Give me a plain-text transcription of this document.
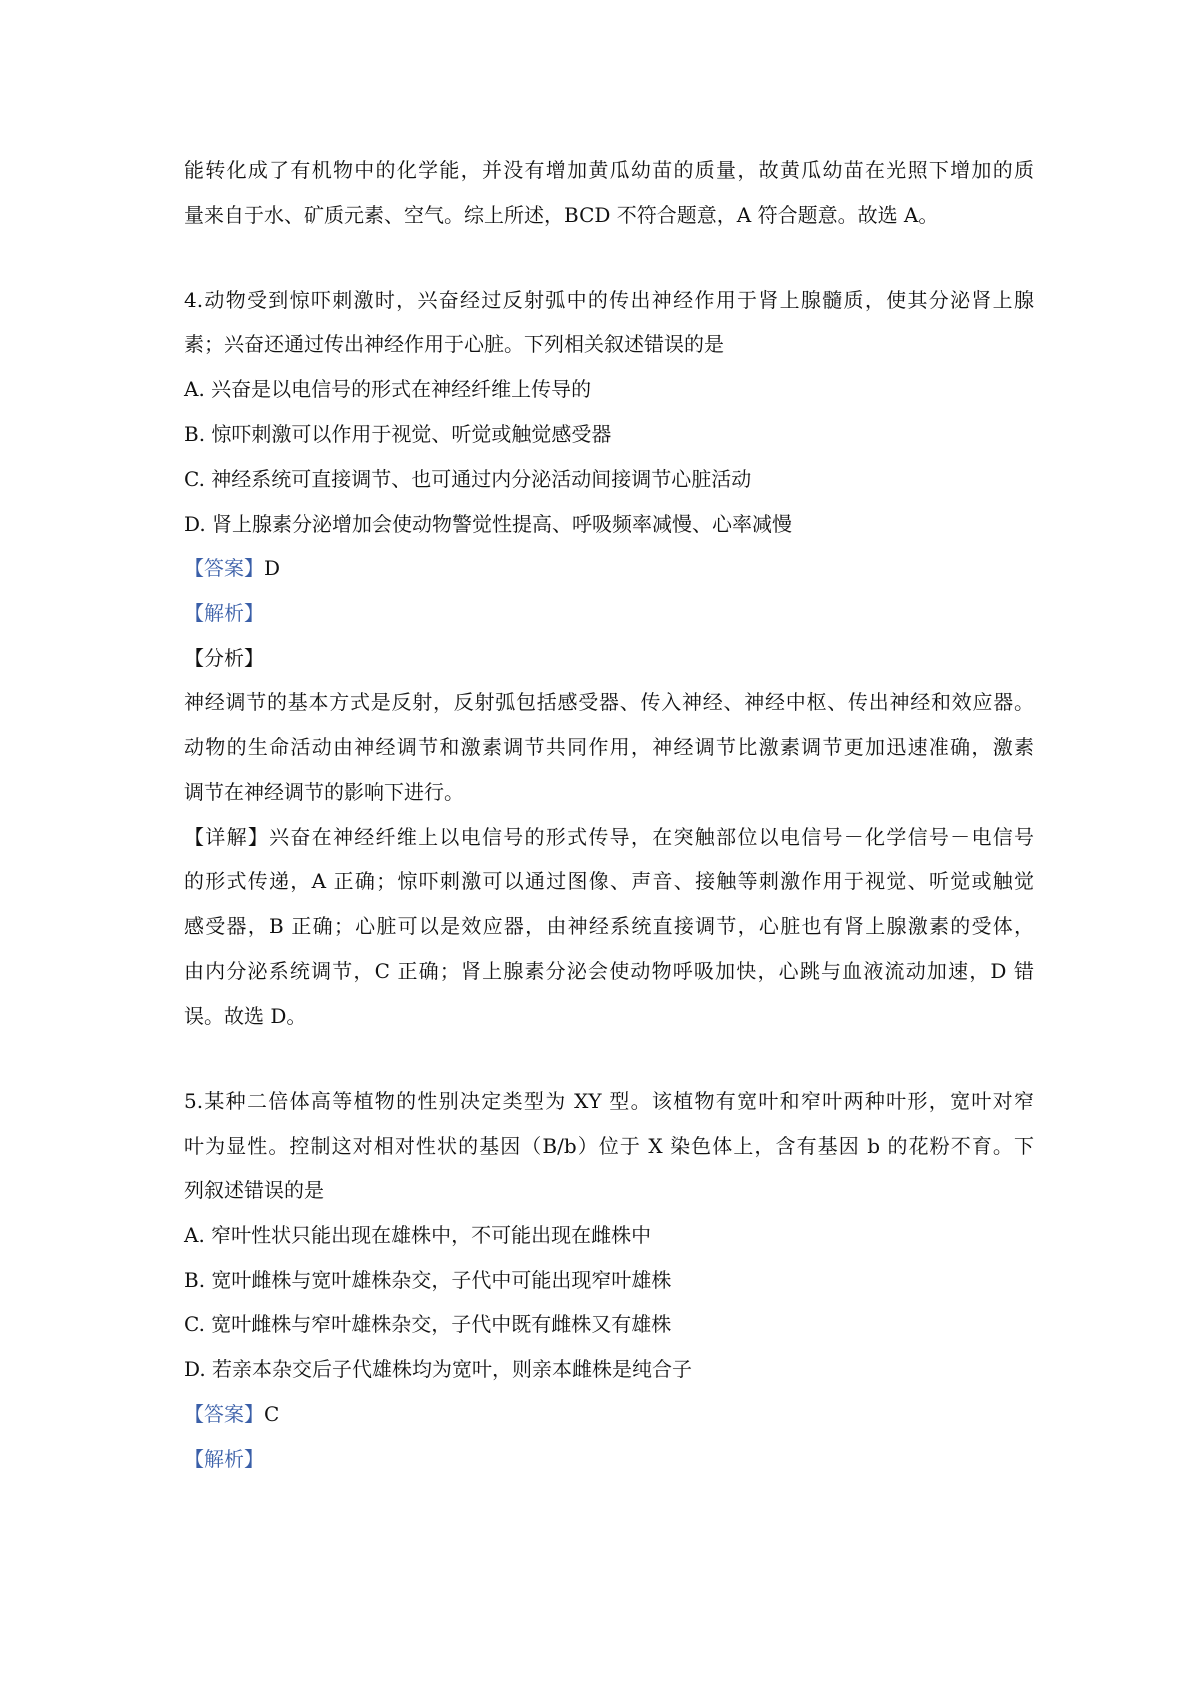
能转化成了有机物中的化学能，并没有增加黄瓜幼苗的质量，故黄瓜幼苗在光照下增加的质
量来自于水、矿质元素、空气。综上所述，BCD 不符合题意，A 符合题意。故选 A。
4.动物受到惊吓刺激时，兴奋经过反射弧中的传出神经作用于肾上腺髓质，使其分泌肾上腺
素；兴奋还通过传出神经作用于心脏。下列相关叙述错误的是
A. 兴奋是以电信号的形式在神经纤维上传导的
B. 惊吓刺激可以作用于视觉、听觉或触觉感受器
C. 神经系统可直接调节、也可通过内分泌活动间接调节心脏活动
D. 肾上腺素分泌增加会使动物警觉性提高、呼吸频率减慢、心率减慢
【答案】D
【解析】
【分析】
神经调节的基本方式是反射，反射弧包括感受器、传入神经、神经中枢、传出神经和效应器。
动物的生命活动由神经调节和激素调节共同作用，神经调节比激素调节更加迅速准确，激素
调节在神经调节的影响下进行。
【详解】兴奋在神经纤维上以电信号的形式传导，在突触部位以电信号－化学信号－电信号
的形式传递，A 正确；惊吓刺激可以通过图像、声音、接触等刺激作用于视觉、听觉或触觉
感受器，B 正确；心脏可以是效应器，由神经系统直接调节，心脏也有肾上腺激素的受体，
由内分泌系统调节，C 正确；肾上腺素分泌会使动物呼吸加快，心跳与血液流动加速，D 错
误。故选 D。
5.某种二倍体高等植物的性别决定类型为 XY 型。该植物有宽叶和窄叶两种叶形，宽叶对窄
叶为显性。控制这对相对性状的基因（B/b）位于 X 染色体上，含有基因 b 的花粉不育。下
列叙述错误的是
A. 窄叶性状只能出现在雄株中，不可能出现在雌株中
B. 宽叶雌株与宽叶雄株杂交，子代中可能出现窄叶雄株
C. 宽叶雌株与窄叶雄株杂交，子代中既有雌株又有雄株
D. 若亲本杂交后子代雄株均为宽叶，则亲本雌株是纯合子
【答案】C
【解析】
